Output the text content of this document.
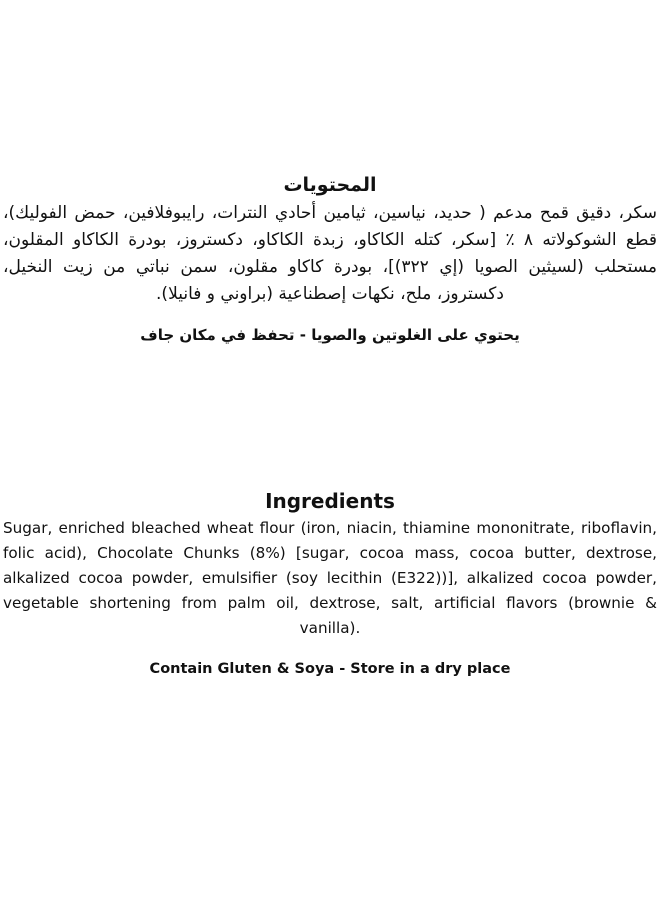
المحتويات

سكر، دقيق قمح مدعم ( حديد، نياسين، ثيامين أحادي النترات، رايبوفلافين، حمض الفوليك)، قطع الشوكولاته ٨ ٪ [سكر، كتله الكاكاو، زبدة الكاكاو، دكستروز، بودرة الكاكاو المقلون، مستحلب (لسيثين الصويا (إي ٣٢٢)]، بودرة كاكاو مقلون، سمن نباتي من زيت النخيل، دكستروز، ملح، نكهات إصطناعية (براوني و فانيلا).

يحتوي على الغلوتين والصويا - تحفظ في مكان جاف

Ingredients

Sugar, enriched bleached wheat flour (iron, niacin, thiamine mononitrate, riboflavin, folic acid), Chocolate Chunks (8%) [sugar, cocoa mass, cocoa butter, dextrose, alkalized cocoa powder, emulsifier (soy lecithin (E322))], alkalized cocoa powder, vegetable shortening from palm oil, dextrose, salt, artificial flavors (brownie & vanilla).

Contain Gluten & Soya - Store in a dry place
